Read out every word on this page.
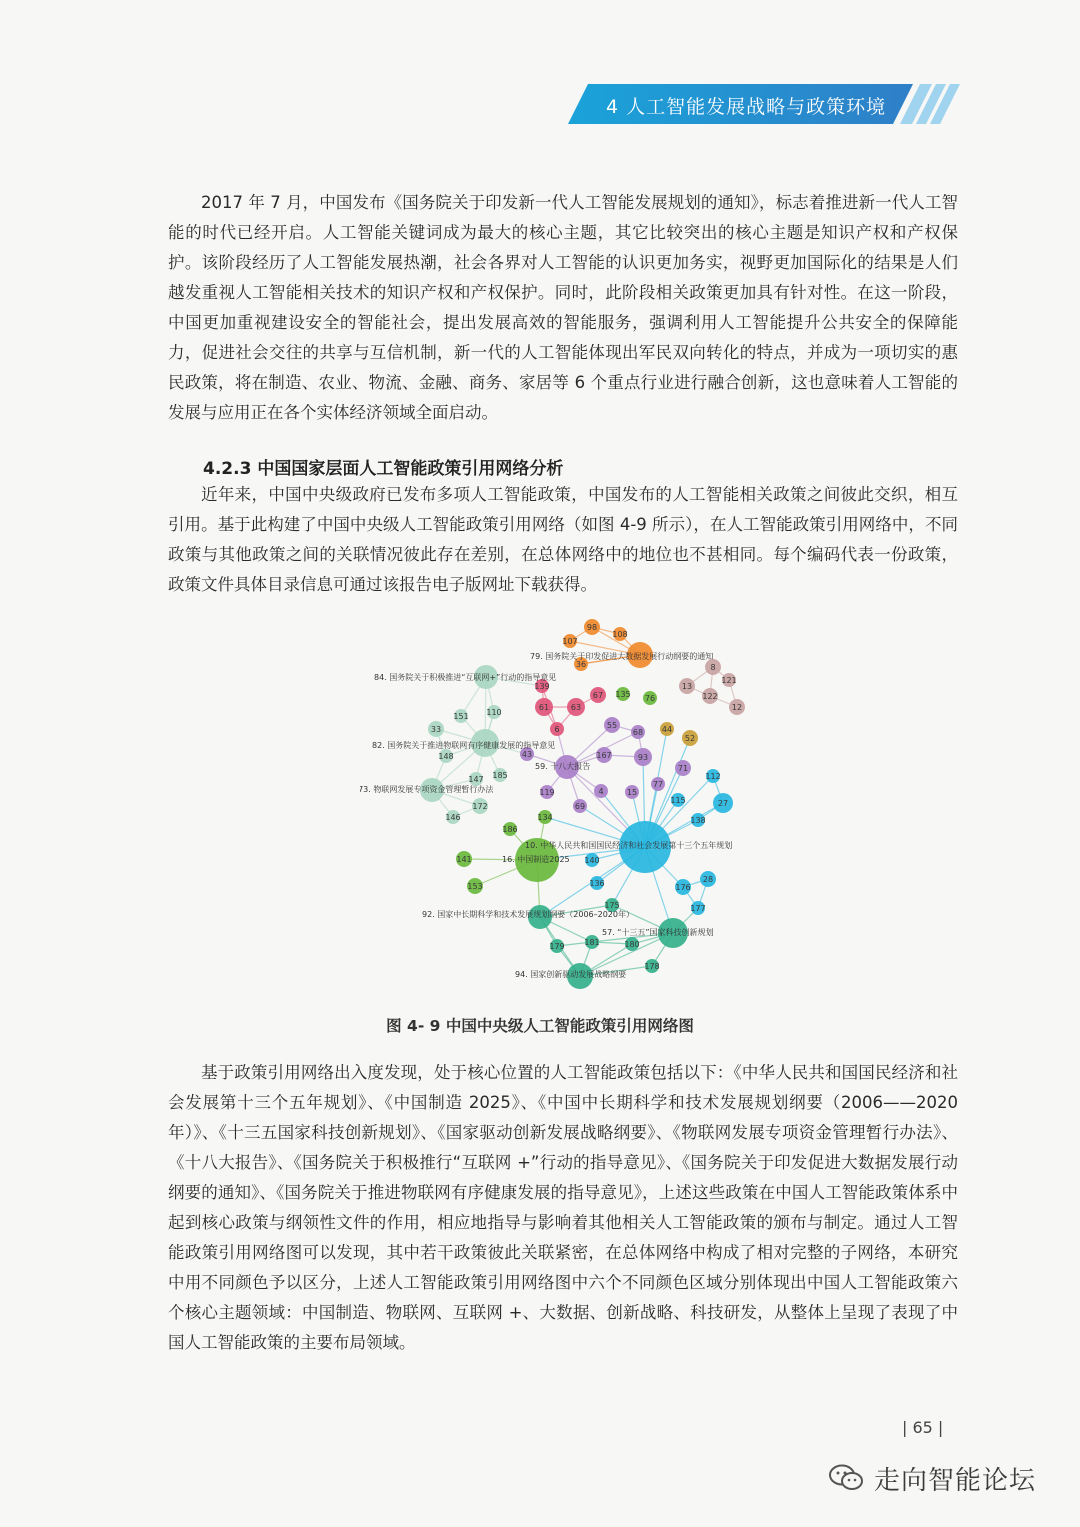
4 人工智能发展战略与政策环境

2017 年 7 月，中国发布《国务院关于印发新一代人工智能发展规划的通知》，标志着推进新一代人工智能的时代已经开启。人工智能关键词成为最大的核心主题，其它比较突出的核心主题是知识产权和产权保护。该阶段经历了人工智能发展热潮，社会各界对人工智能的认识更加务实，视野更加国际化的结果是人们越发重视人工智能相关技术的知识产权和产权保护。同时，此阶段相关政策更加具有针对性。在这一阶段，中国更加重视建设安全的智能社会，提出发展高效的智能服务，强调利用人工智能提升公共安全的保障能力，促进社会交往的共享与互信机制，新一代的人工智能体现出军民双向转化的特点，并成为一项切实的惠民政策，将在制造、农业、物流、金融、商务、家居等 6 个重点行业进行融合创新，这也意味着人工智能的发展与应用正在各个实体经济领域全面启动。

4.2.3 中国国家层面人工智能政策引用网络分析

近年来，中国中央级政府已发布多项人工智能政策，中国发布的人工智能相关政策之间彼此交织，相互引用。基于此构建了中国中央级人工智能政策引用网络（如图 4-9 所示），在人工智能政策引用网络中，不同政策与其他政策之间的关联情况彼此存在差别，在总体网络中的地位也不甚相同。每个编码代表一份政策，政策文件具体目录信息可通过该报告电子版网址下载获得。

98
107
108
36
139
67 135 76
8
13
121
122
12
61	63
6
151 110
33
148
55
68 44
52
43	167	93
147 185
71
112
119	4	15
77
69	27
115
172
146	138
134
186
140
141
136
153	176
28
175	177
181	180
179
178
79. 国务院关于印发促进大数据发展行动纲要的通知
84. 国务院关于积极推进“互联网+”行动的指导意见
82. 国务院关于推进物联网有序健康发展的指导意见
59. 十八大报告
173. 物联网发展专项资金管理暂行办法
10. 中华人民共和国国民经济和社会发展第十三个五年规划
16. 中国制造2025
92. 国家中长期科学和技术发展规划纲要（2006–2020年）
57. “十三五”国家科技创新规划
94. 国家创新驱动发展战略纲要

图 4- 9 中国中央级人工智能政策引用网络图

基于政策引用网络出入度发现，处于核心位置的人工智能政策包括以下：《中华人民共和国国民经济和社会发展第十三个五年规划》、《中国制造 2025》、《中国中长期科学和技术发展规划纲要（2006——2020 年）》、《十三五国家科技创新规划》、《国家驱动创新发展战略纲要》、《物联网发展专项资金管理暂行办法》、《十八大报告》、《国务院关于积极推行“互联网 +”行动的指导意见》、《国务院关于印发促进大数据发展行动纲要的通知》、《国务院关于推进物联网有序健康发展的指导意见》，上述这些政策在中国人工智能政策体系中起到核心政策与纲领性文件的作用，相应地指导与影响着其他相关人工智能政策的颁布与制定。通过人工智能政策引用网络图可以发现，其中若干政策彼此关联紧密，在总体网络中构成了相对完整的子网络，本研究中用不同颜色予以区分，上述人工智能政策引用网络图中六个不同颜色区域分别体现出中国人工智能政策六个核心主题领域：中国制造、物联网、互联网 +、大数据、创新战略、科技研发，从整体上呈现了表现了中国人工智能政策的主要布局领域。

| 65 |
走向智能论坛
